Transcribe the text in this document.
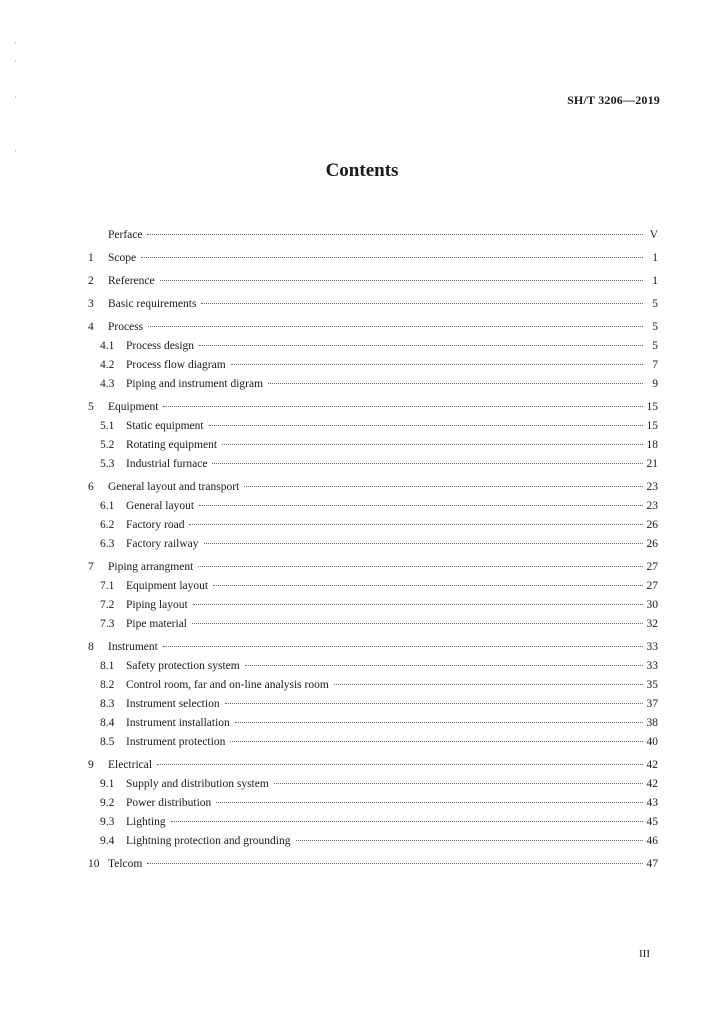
·
·

·

·
SH/T 3206—2019
Contents
Perface	V
1	Scope	1
2	Reference	1
3	Basic requirements	5
4	Process	5
4.1	Process design	5
4.2	Process flow diagram	7
4.3	Piping and instrument digram	9
5	Equipment	15
5.1	Static equipment	15
5.2	Rotating equipment	18
5.3	Industrial furnace	21
6	General layout and transport	23
6.1	General layout	23
6.2	Factory road	26
6.3	Factory railway	26
7	Piping arrangment	27
7.1	Equipment layout	27
7.2	Piping layout	30
7.3	Pipe material	32
8	Instrument	33
8.1	Safety protection system	33
8.2	Control room, far and on-line analysis room	35
8.3	Instrument selection	37
8.4	Instrument installation	38
8.5	Instrument protection	40
9	Electrical	42
9.1	Supply and distribution system	42
9.2	Power distribution	43
9.3	Lighting	45
9.4	Lightning protection and grounding	46
10 Telcom	47
III
